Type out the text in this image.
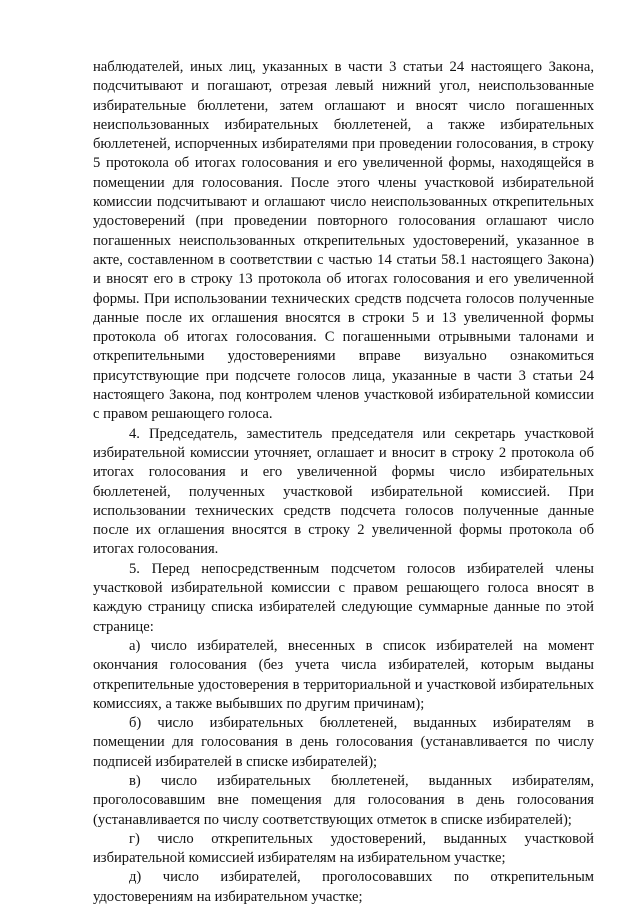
наблюдателей, иных лиц, указанных в части 3 статьи 24 настоящего Закона, подсчитывают и погашают, отрезая левый нижний угол, неиспользованные избирательные бюллетени, затем оглашают и вносят число погашенных неиспользованных избирательных бюллетеней, а также избирательных бюллетеней, испорченных избирателями при проведении голосования, в строку 5 протокола об итогах голосования и его увеличенной формы, находящейся в помещении для голосования. После этого члены участковой избирательной комиссии подсчитывают и оглашают число неиспользованных открепительных удостоверений (при проведении повторного голосования оглашают число погашенных неиспользованных открепительных удостоверений, указанное в акте, составленном в соответствии с частью 14 статьи 58.1 настоящего Закона) и вносят его в строку 13 протокола об итогах голосования и его увеличенной формы. При использовании технических средств подсчета голосов полученные данные после их оглашения вносятся в строки 5 и 13 увеличенной формы протокола об итогах голосования. С погашенными отрывными талонами и открепительными удостоверениями вправе визуально ознакомиться присутствующие при подсчете голосов лица, указанные в части 3 статьи 24 настоящего Закона, под контролем членов участковой избирательной комиссии с правом решающего голоса.

4. Председатель, заместитель председателя или секретарь участковой избирательной комиссии уточняет, оглашает и вносит в строку 2 протокола об итогах голосования и его увеличенной формы число избирательных бюллетеней, полученных участковой избирательной комиссией. При использовании технических средств подсчета голосов полученные данные после их оглашения вносятся в строку 2 увеличенной формы протокола об итогах голосования.

5. Перед непосредственным подсчетом голосов избирателей члены участковой избирательной комиссии с правом решающего голоса вносят в каждую страницу списка избирателей следующие суммарные данные по этой странице:

а) число избирателей, внесенных в список избирателей на момент окончания голосования (без учета числа избирателей, которым выданы открепительные удостоверения в территориальной и участковой избирательных комиссиях, а также выбывших по другим причинам);

б) число избирательных бюллетеней, выданных избирателям в помещении для голосования в день голосования (устанавливается по числу подписей избирателей в списке избирателей);

в) число избирательных бюллетеней, выданных избирателям, проголосовавшим вне помещения для голосования в день голосования (устанавливается по числу соответствующих отметок в списке избирателей);

г) число открепительных удостоверений, выданных участковой избирательной комиссией избирателям на избирательном участке;

д) число избирателей, проголосовавших по открепительным удостоверениям на избирательном участке;
